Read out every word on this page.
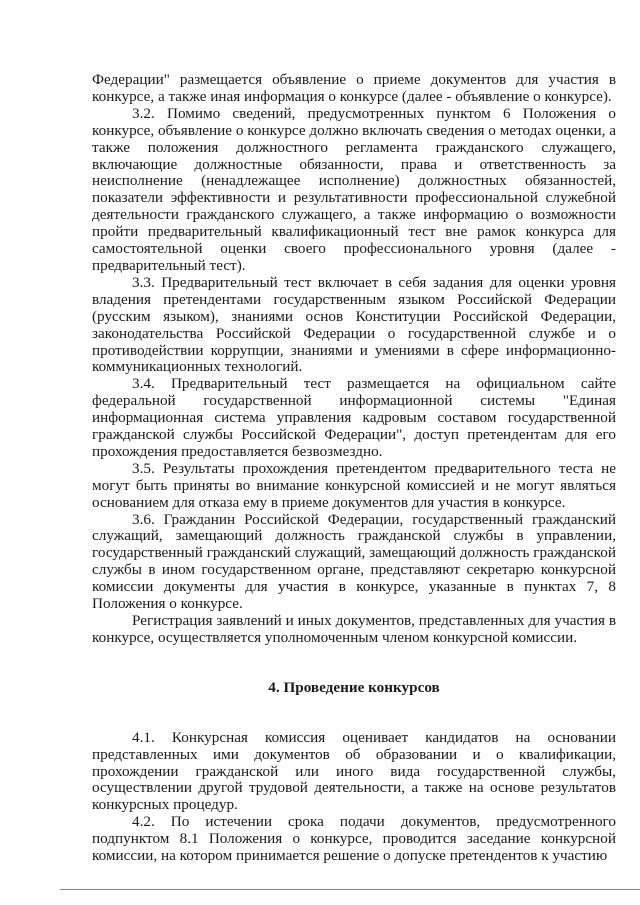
Федерации" размещается объявление о приеме документов для участия в конкурсе, а также иная информация о конкурсе (далее - объявление о конкурсе).

3.2. Помимо сведений, предусмотренных пунктом 6 Положения о конкурсе, объявление о конкурсе должно включать сведения о методах оценки, а также положения должностного регламента гражданского служащего, включающие должностные обязанности, права и ответственность за неисполнение (ненадлежащее исполнение) должностных обязанностей, показатели эффективности и результативности профессиональной служебной деятельности гражданского служащего, а также информацию о возможности пройти предварительный квалификационный тест вне рамок конкурса для самостоятельной оценки своего профессионального уровня (далее - предварительный тест).

3.3. Предварительный тест включает в себя задания для оценки уровня владения претендентами государственным языком Российской Федерации (русским языком), знаниями основ Конституции Российской Федерации, законодательства Российской Федерации о государственной службе и о противодействии коррупции, знаниями и умениями в сфере информационно-коммуникационных технологий.

3.4. Предварительный тест размещается на официальном сайте федеральной государственной информационной системы "Единая информационная система управления кадровым составом государственной гражданской службы Российской Федерации", доступ претендентам для его прохождения предоставляется безвозмездно.

3.5. Результаты прохождения претендентом предварительного теста не могут быть приняты во внимание конкурсной комиссией и не могут являться основанием для отказа ему в приеме документов для участия в конкурсе.

3.6. Гражданин Российской Федерации, государственный гражданский служащий, замещающий должность гражданской службы в управлении, государственный гражданский служащий, замещающий должность гражданской службы в ином государственном органе, представляют секретарю конкурсной комиссии документы для участия в конкурсе, указанные в пунктах 7, 8 Положения о конкурсе.

Регистрация заявлений и иных документов, представленных для участия в конкурсе, осуществляется уполномоченным членом конкурсной комиссии.

4. Проведение конкурсов

4.1. Конкурсная комиссия оценивает кандидатов на основании представленных ими документов об образовании и о квалификации, прохождении гражданской или иного вида государственной службы, осуществлении другой трудовой деятельности, а также на основе результатов конкурсных процедур.

4.2. По истечении срока подачи документов, предусмотренного подпунктом 8.1 Положения о конкурсе, проводится заседание конкурсной комиссии, на котором принимается решение о допуске претендентов к участию
